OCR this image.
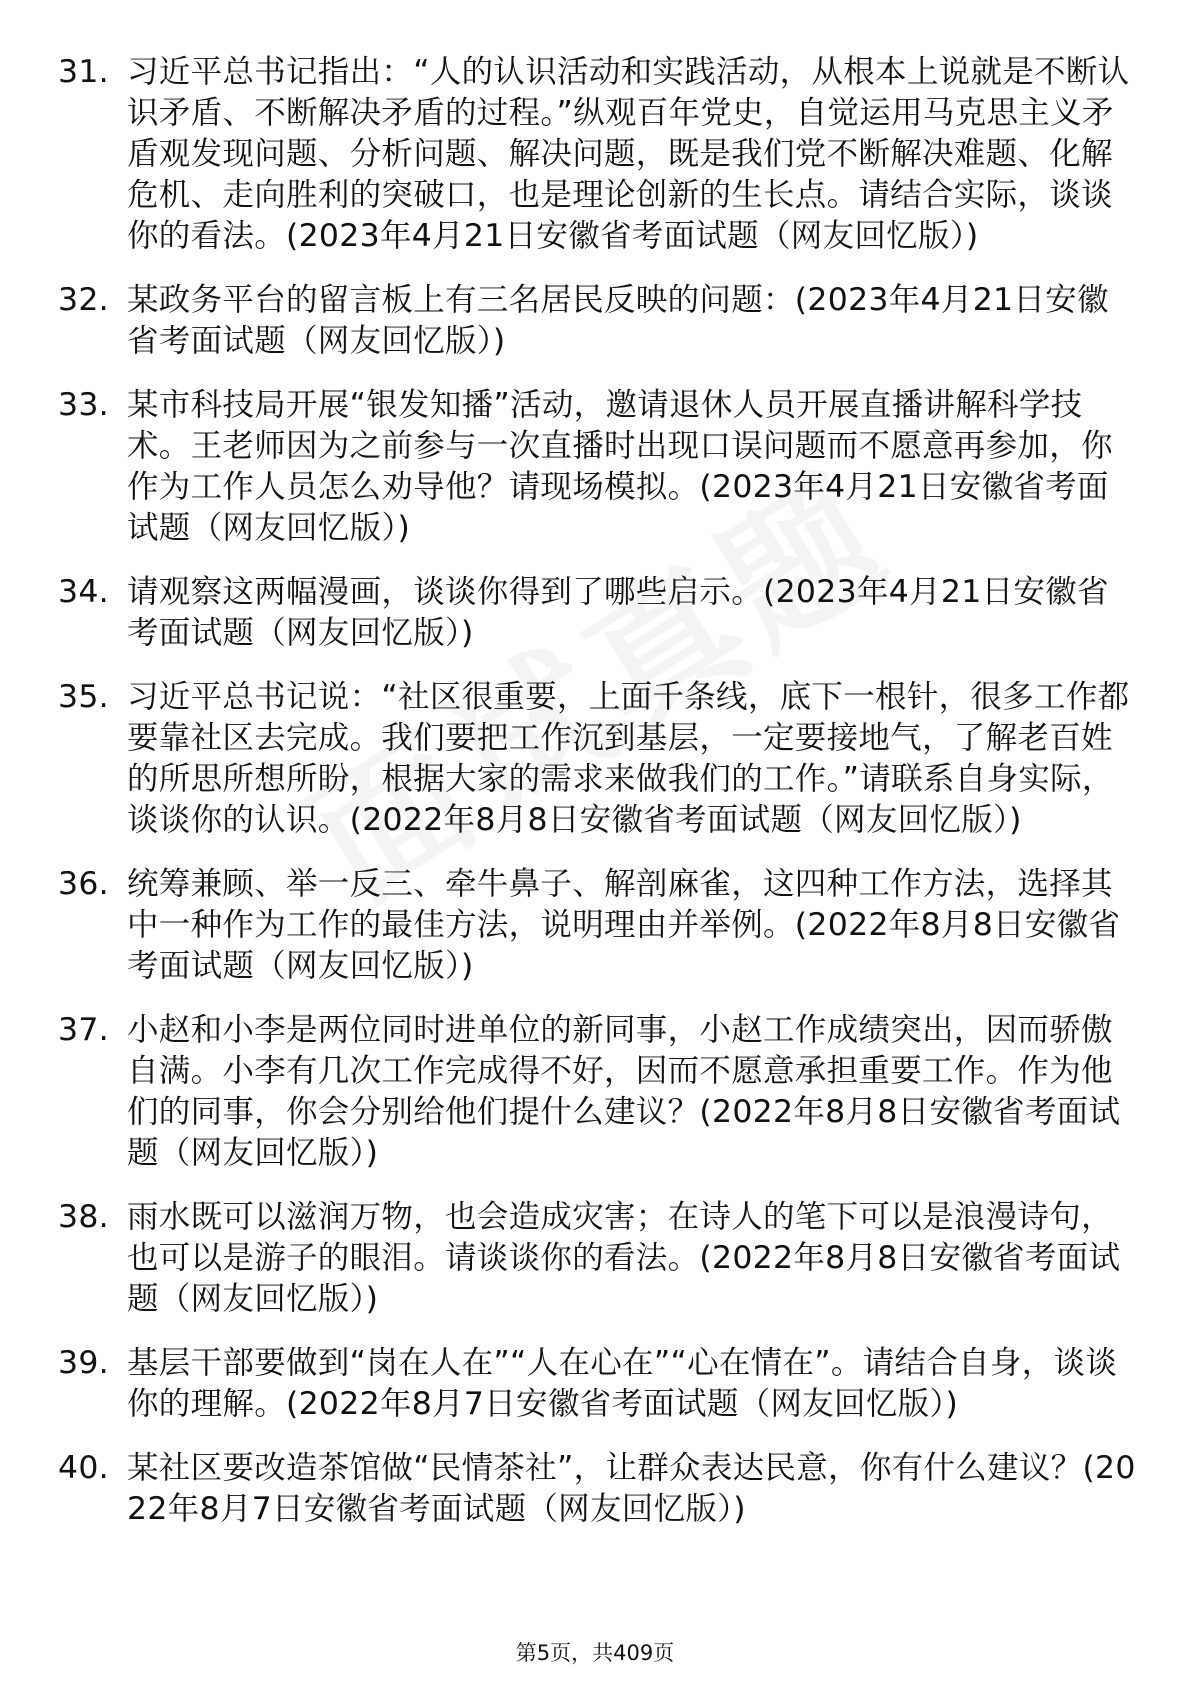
31. 习近平总书记指出：“人的认识活动和实践活动，从根本上说就是不断认识矛盾、不断解决矛盾的过程。”纵观百年党史，自觉运用马克思主义矛盾观发现问题、分析问题、解决问题，既是我们党不断解决难题、化解危机、走向胜利的突破口，也是理论创新的生长点。请结合实际，谈谈你的看法。(2023年4月21日安徽省考面试题（网友回忆版）)
32. 某政务平台的留言板上有三名居民反映的问题：(2023年4月21日安徽省考面试题（网友回忆版）)
33. 某市科技局开展“银发知播”活动，邀请退休人员开展直播讲解科学技术。王老师因为之前参与一次直播时出现口误问题而不愿意再参加，你作为工作人员怎么劝导他？请现场模拟。(2023年4月21日安徽省考面试题（网友回忆版）)
34. 请观察这两幅漫画，谈谈你得到了哪些启示。(2023年4月21日安徽省考面试题（网友回忆版）)
35. 习近平总书记说：“社区很重要，上面千条线，底下一根针，很多工作都要靠社区去完成。我们要把工作沉到基层，一定要接地气，了解老百姓的所思所想所盼，根据大家的需求来做我们的工作。”请联系自身实际，谈谈你的认识。(2022年8月8日安徽省考面试题（网友回忆版）)
36. 统筹兼顾、举一反三、牵牛鼻子、解剖麻雀，这四种工作方法，选择其中一种作为工作的最佳方法，说明理由并举例。(2022年8月8日安徽省考面试题（网友回忆版）)
37. 小赵和小李是两位同时进单位的新同事，小赵工作成绩突出，因而骄傲自满。小李有几次工作完成得不好，因而不愿意承担重要工作。作为他们的同事，你会分别给他们提什么建议？(2022年8月8日安徽省考面试题（网友回忆版）)
38. 雨水既可以滋润万物，也会造成灾害；在诗人的笔下可以是浪漫诗句，也可以是游子的眼泪。请谈谈你的看法。(2022年8月8日安徽省考面试题（网友回忆版）)
39. 基层干部要做到“岗在人在”“人在心在”“心在情在”。请结合自身，谈谈你的理解。(2022年8月7日安徽省考面试题（网友回忆版）)
40. 某社区要改造茶馆做“民情茶社”，让群众表达民意，你有什么建议？(2022年8月7日安徽省考面试题（网友回忆版）)
第5页，共409页
